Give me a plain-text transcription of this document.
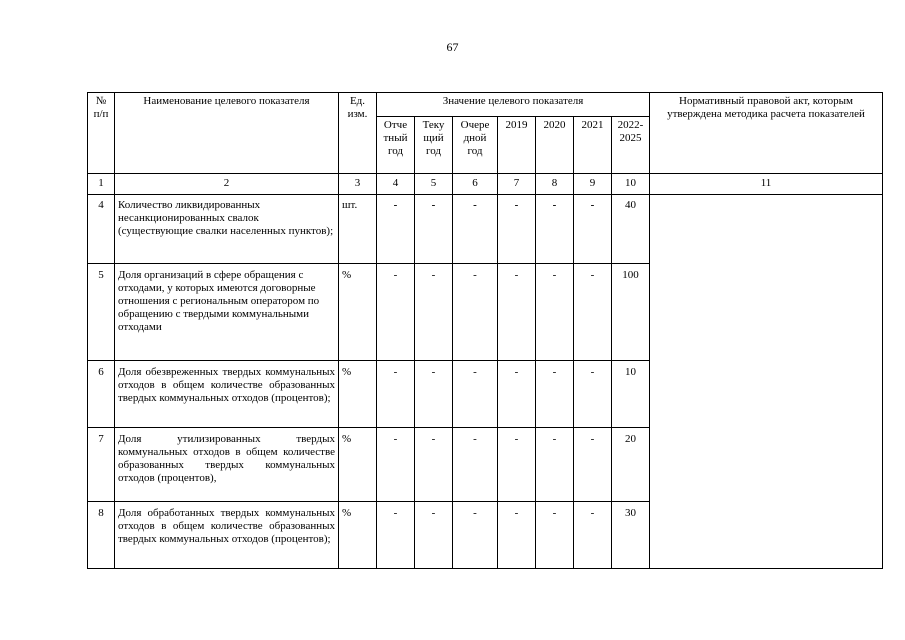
67
№ п/п	Наименование целевого показателя	Ед. изм.	Значение целевого показателя							Нормативный правовой акт, которым утверждена методика расчета показателей
			Отче тный год	Теку щий год	Очере дной год	2019	2020	2021	2022-2025	
1	2	3	4	5	6	7	8	9	10	11
4	Количество ликвидированных несанкционированных свалок (существующие свалки населенных пунктов);	шт.	-	-	-	-	-	-	40	
5	Доля организаций в сфере обращения с отходами, у которых имеются договорные отношения с региональным оператором по обращению с твердыми коммунальными отходами	%	-	-	-	-	-	-	100	
6	Доля обезвреженных твердых коммунальных отходов в общем количестве образованных твердых коммунальных отходов (процентов);	%	-	-	-	-	-	-	10	
7	Доля утилизированных твердых коммунальных отходов в общем количестве образованных твердых коммунальных отходов (процентов),	%	-	-	-	-	-	-	20	
8	Доля обработанных твердых коммунальных отходов в общем количестве образованных твердых коммунальных отходов (процентов);	%	-	-	-	-	-	-	30	
